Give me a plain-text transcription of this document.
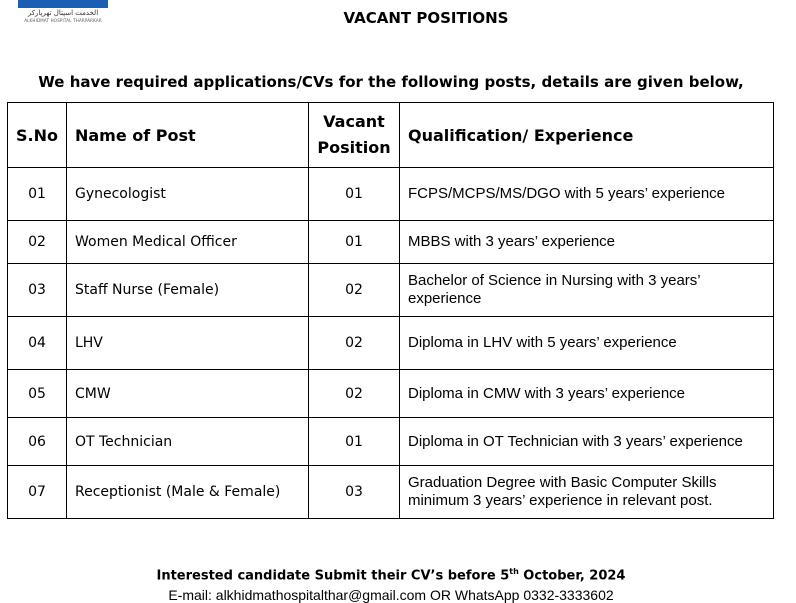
الخدمت اسپتال تھرپارکر
ALKHIDMAT HOSPITAL THARPARKAR	VACANT POSITIONS
We have required applications/CVs for the following posts, details are given below,
S.No	Name of Post	Vacant Position	Qualification/ Experience
01	Gynecologist	01	FCPS/MCPS/MS/DGO with 5 years’ experience
02	Women Medical Officer	01	MBBS with 3 years’ experience
03	Staff Nurse (Female)	02	Bachelor of Science in Nursing with 3 years’ experience
04	LHV	02	Diploma in LHV with 5 years’ experience
05	CMW	02	Diploma in CMW with 3 years’ experience
06	OT Technician	01	Diploma in OT Technician with 3 years’ experience
07	Receptionist (Male & Female)	03	Graduation Degree with Basic Computer Skills minimum 3 years’ experience in relevant post.
Interested candidate Submit their CV’s before 5th October, 2024
E-mail: alkhidmathospitalthar@gmail.com OR WhatsApp 0332-3333602
